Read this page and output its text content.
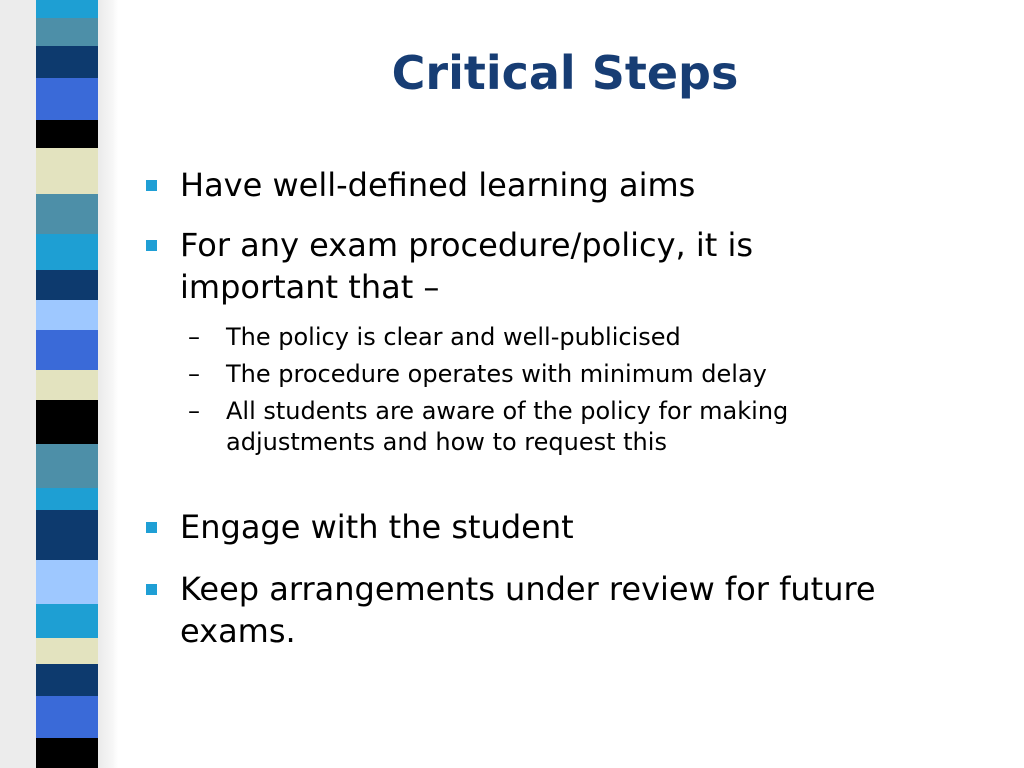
Critical Steps
Have well-defined learning aims
For any exam procedure/policy, it is important that –
– The policy is clear and well-publicised
– The procedure operates with minimum delay
– All students are aware of the policy for making adjustments and how to request this
Engage with the student
Keep arrangements under review for future exams.
